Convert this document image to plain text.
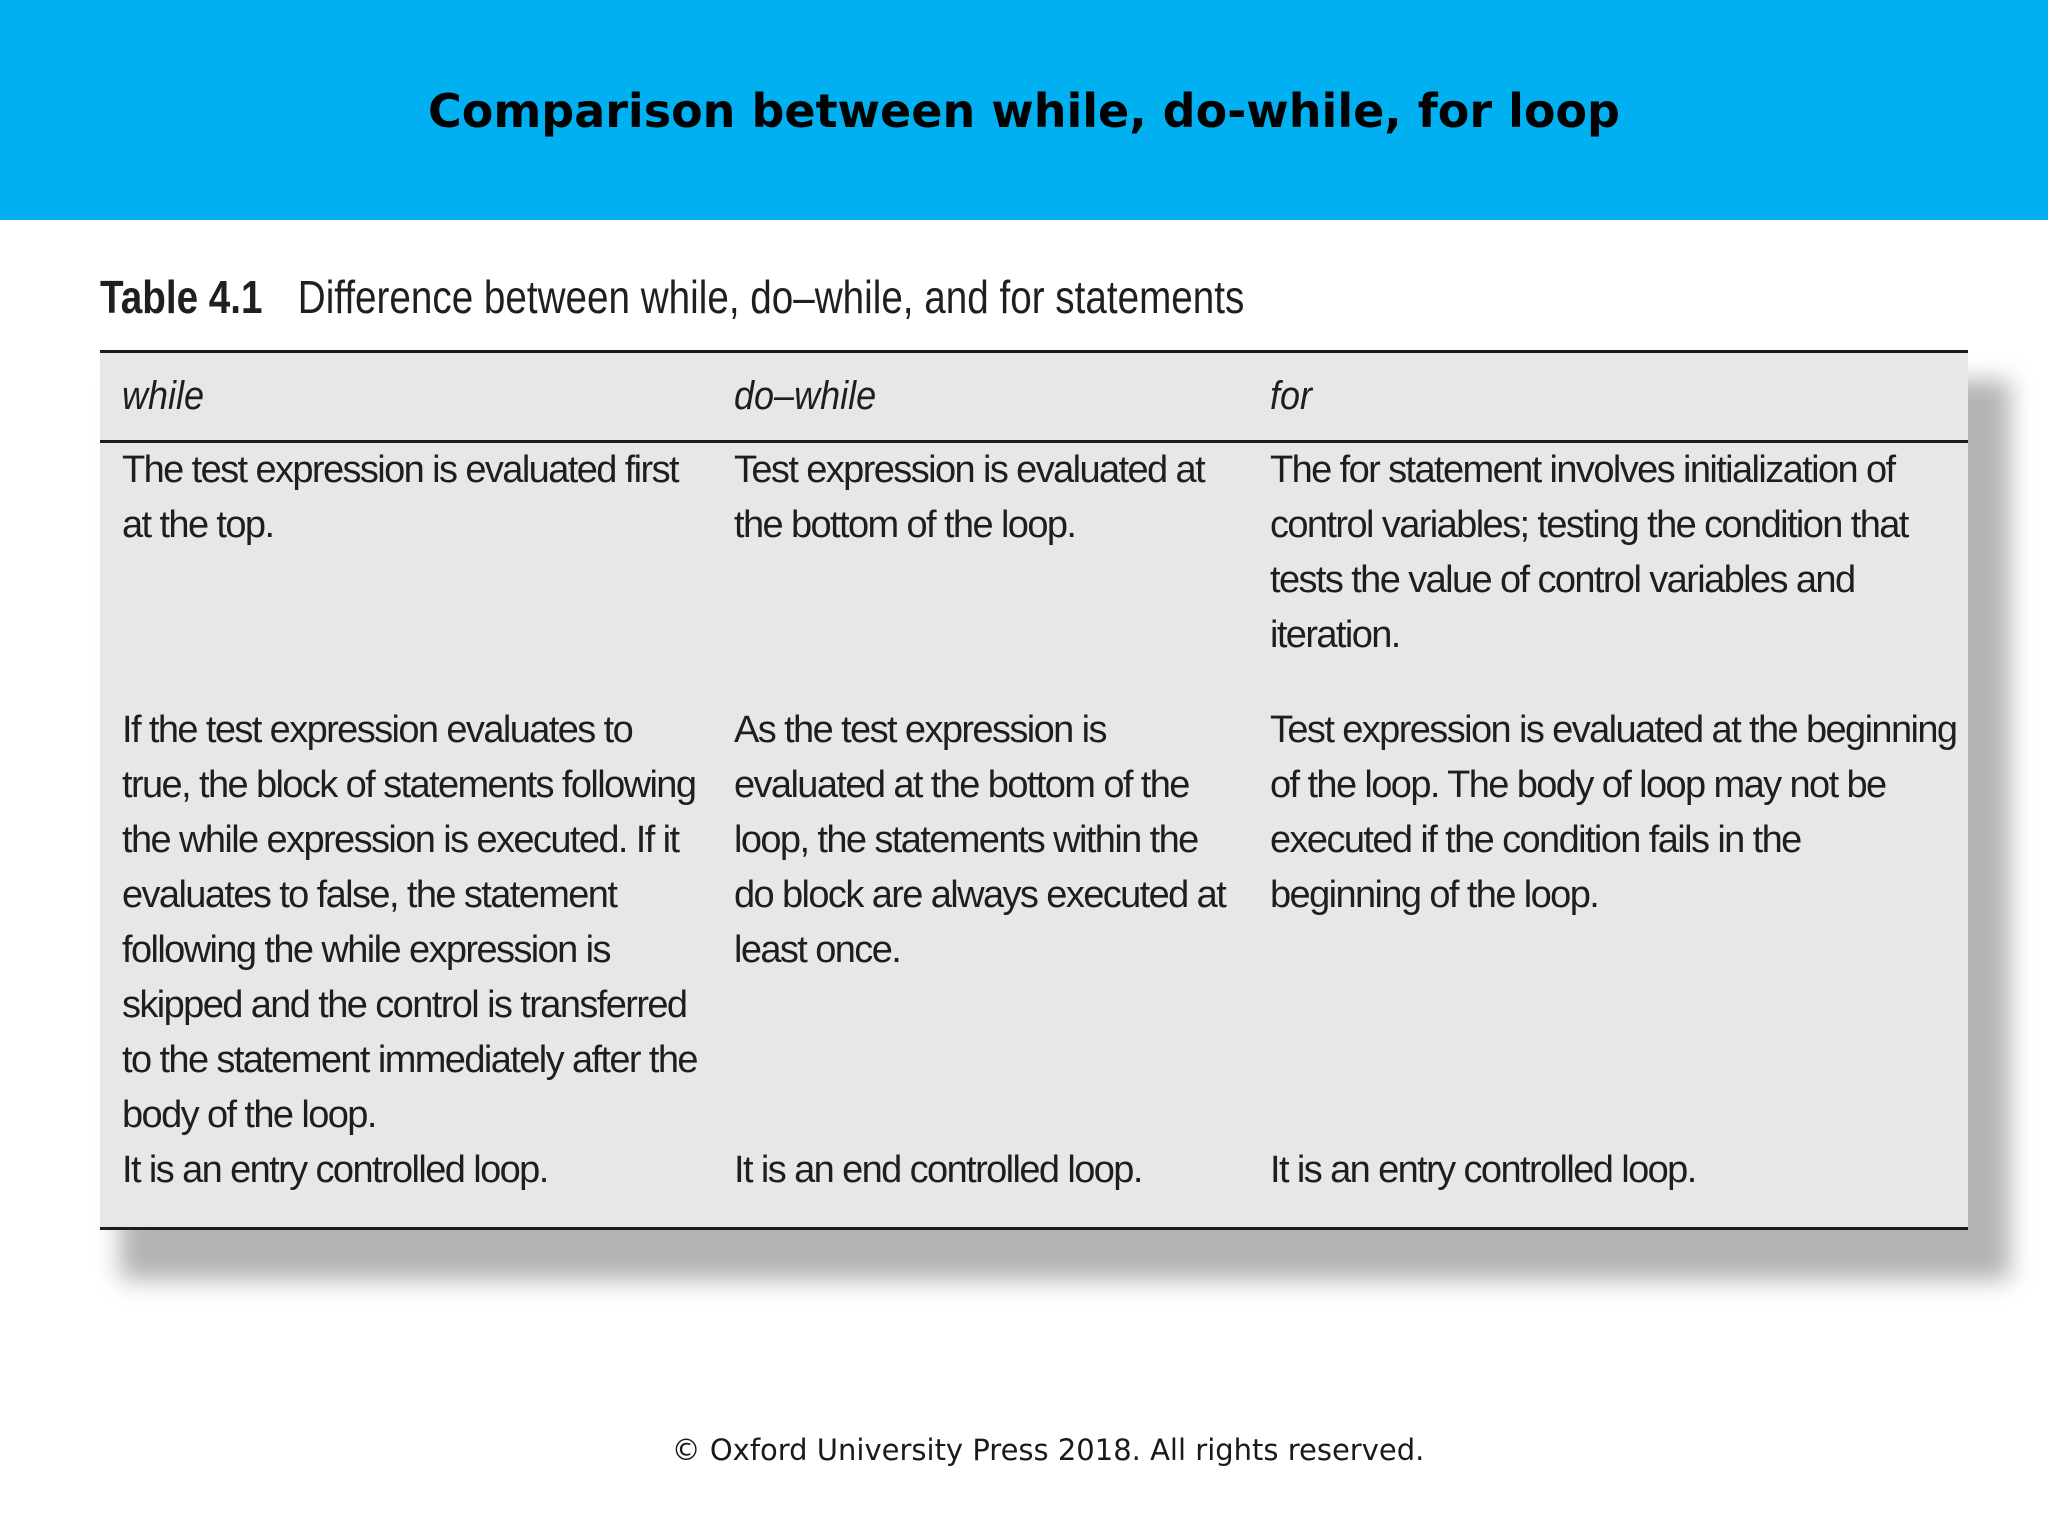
Comparison between while, do-while, for loop
Table 4.1 Difference between while, do–while, and for statements
while	do–while	for
The test expression is evaluated first at the top.	Test expression is evaluated at the bottom of the loop.	The for statement involves initialization of control variables; testing the condition that tests the value of control variables and iteration.
If the test expression evaluates to true, the block of statements following the while expression is executed. If it evaluates to false, the statement following the while expression is skipped and the control is transferred to the statement immediately after the body of the loop.	As the test expression is evaluated at the bottom of the loop, the statements within the do block are always executed at least once.	Test expression is evaluated at the beginning of the loop. The body of loop may not be executed if the condition fails in the beginning of the loop.
It is an entry controlled loop.	It is an end controlled loop.	It is an entry controlled loop.
© Oxford University Press 2018. All rights reserved.
